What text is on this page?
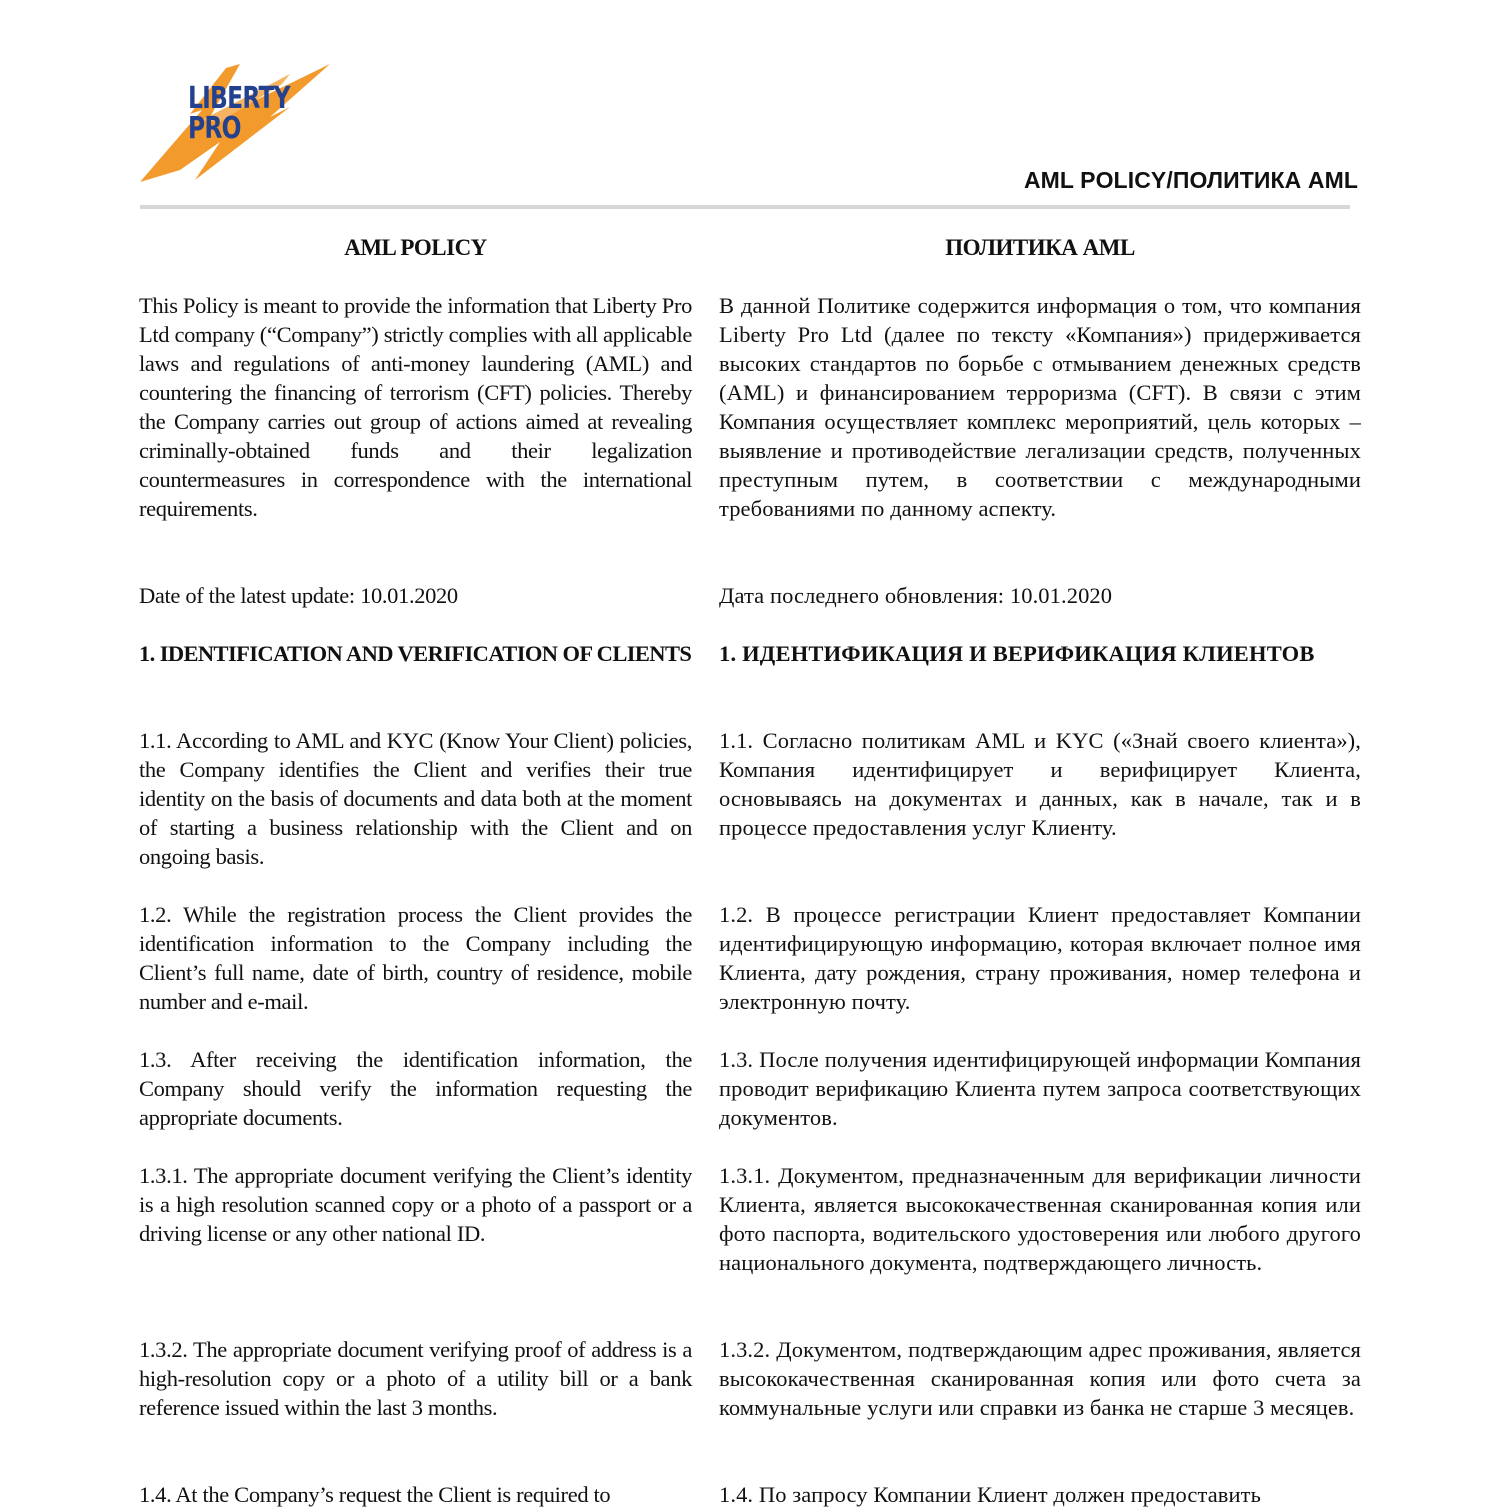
LIBERTY
PRO
AML POLICY/ПОЛИТИКА AML
AML POLICY

This Policy is meant to provide the information that Liberty Pro Ltd company (“Company”) strictly complies with all applicable laws and regulations of anti-money laundering (AML) and countering the financing of terrorism (CFT) policies. Thereby the Company carries out group of actions aimed at revealing criminally-obtained funds and their legalization countermeasures in correspondence with the international requirements.

Date of the latest update: 10.01.2020

1. IDENTIFICATION AND VERIFICATION OF CLIENTS

1.1. According to AML and KYC (Know Your Client) policies, the Company identifies the Client and verifies their true identity on the basis of documents and data both at the moment of starting a business relationship with the Client and on ongoing basis.

1.2. While the registration process the Client provides the identification information to the Company including the Client’s full name, date of birth, country of residence, mobile number and e-mail.

1.3. After receiving the identification information, the Company should verify the information requesting the appropriate documents.

1.3.1. The appropriate document verifying the Client’s identity is a high resolution scanned copy or a photo of a passport or a driving license or any other national ID.

1.3.2. The appropriate document verifying proof of address is a high-resolution copy or a photo of a utility bill or a bank reference issued within the last 3 months.

1.4. At the Company’s request the Client is required to

ПОЛИТИКА AML

В данной Политике содержится информация о том, что компания Liberty Pro Ltd (далее по тексту «Компания») придерживается высоких стандартов по борьбе с отмыванием денежных средств (AML) и финансированием терроризма (CFT). В связи с этим Компания осуществляет комплекс мероприятий, цель которых – выявление и противодействие легализации средств, полученных преступным путем, в соответствии с международными требованиями по данному аспекту.

Дата последнего обновления: 10.01.2020

1. ИДЕНТИФИКАЦИЯ И ВЕРИФИКАЦИЯ КЛИЕНТОВ

1.1. Согласно политикам AML и KYC («Знай своего клиента»), Компания идентифицирует и верифицирует Клиента, основываясь на документах и данных, как в начале, так и в процессе предоставления услуг Клиенту.

1.2. В процессе регистрации Клиент предоставляет Компании идентифицирующую информацию, которая включает полное имя Клиента, дату рождения, страну проживания, номер телефона и электронную почту.

1.3. После получения идентифицирующей информации Компания проводит верификацию Клиента путем запроса соответствующих документов.

1.3.1. Документом, предназначенным для верификации личности Клиента, является высококачественная сканированная копия или фото паспорта, водительского удостоверения или любого другого национального документа, подтверждающего личность.

1.3.2. Документом, подтверждающим адрес проживания, является высококачественная сканированная копия или фото счета за коммунальные услуги или справки из банка не старше 3 месяцев.

1.4. По запросу Компании Клиент должен предоставить
